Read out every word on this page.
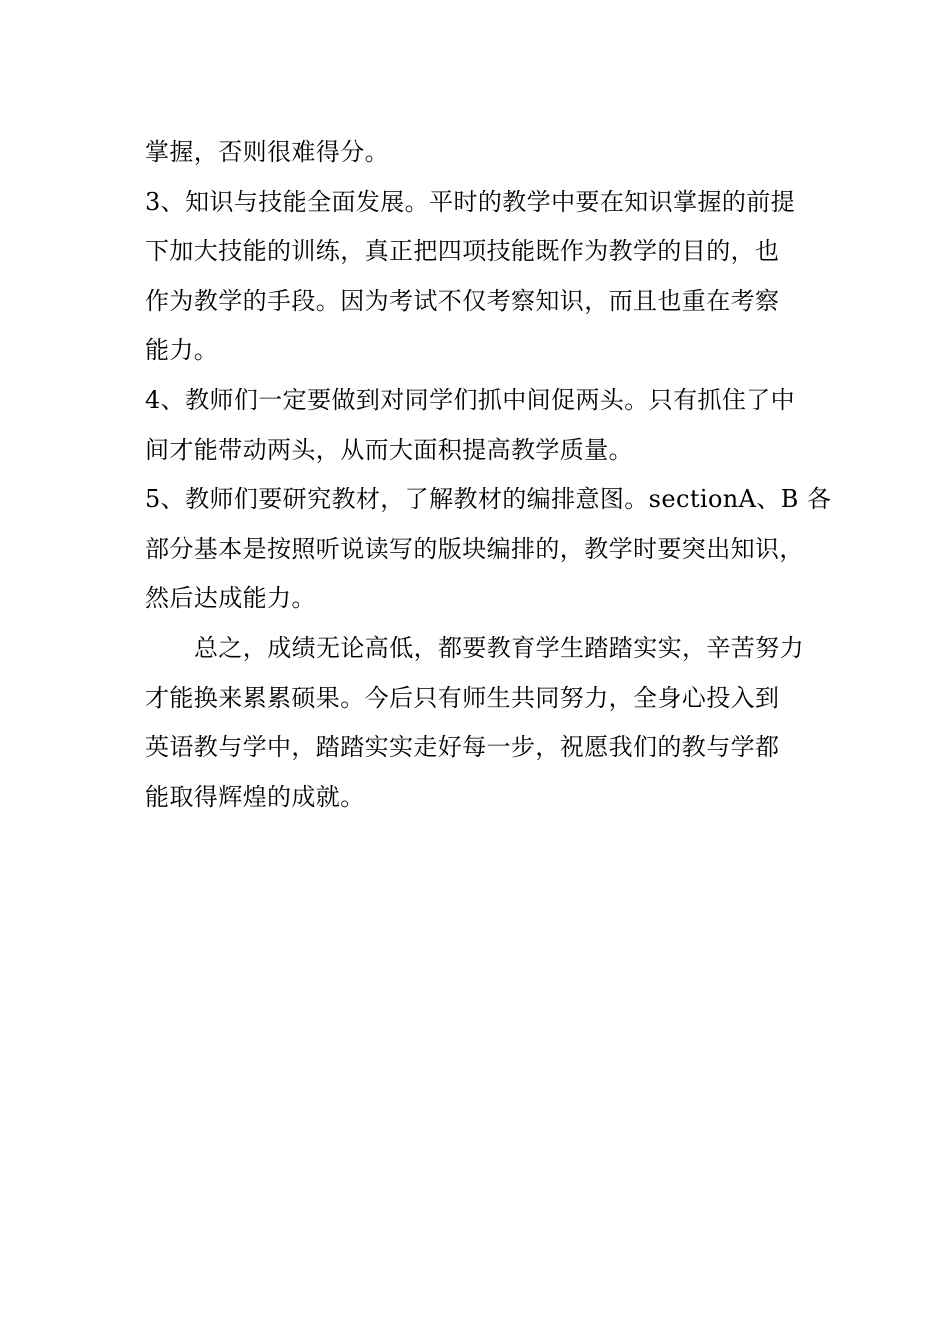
掌握，否则很难得分。
3、知识与技能全面发展。平时的教学中要在知识掌握的前提
下加大技能的训练，真正把四项技能既作为教学的目的，也
作为教学的手段。因为考试不仅考察知识，而且也重在考察
能力。
4、教师们一定要做到对同学们抓中间促两头。只有抓住了中
间才能带动两头，从而大面积提高教学质量。
5、教师们要研究教材，了解教材的编排意图。sectionA、B 各
部分基本是按照听说读写的版块编排的，教学时要突出知识，
然后达成能力。
总之，成绩无论高低，都要教育学生踏踏实实，辛苦努力
才能换来累累硕果。今后只有师生共同努力，全身心投入到
英语教与学中，踏踏实实走好每一步，祝愿我们的教与学都
能取得辉煌的成就。
